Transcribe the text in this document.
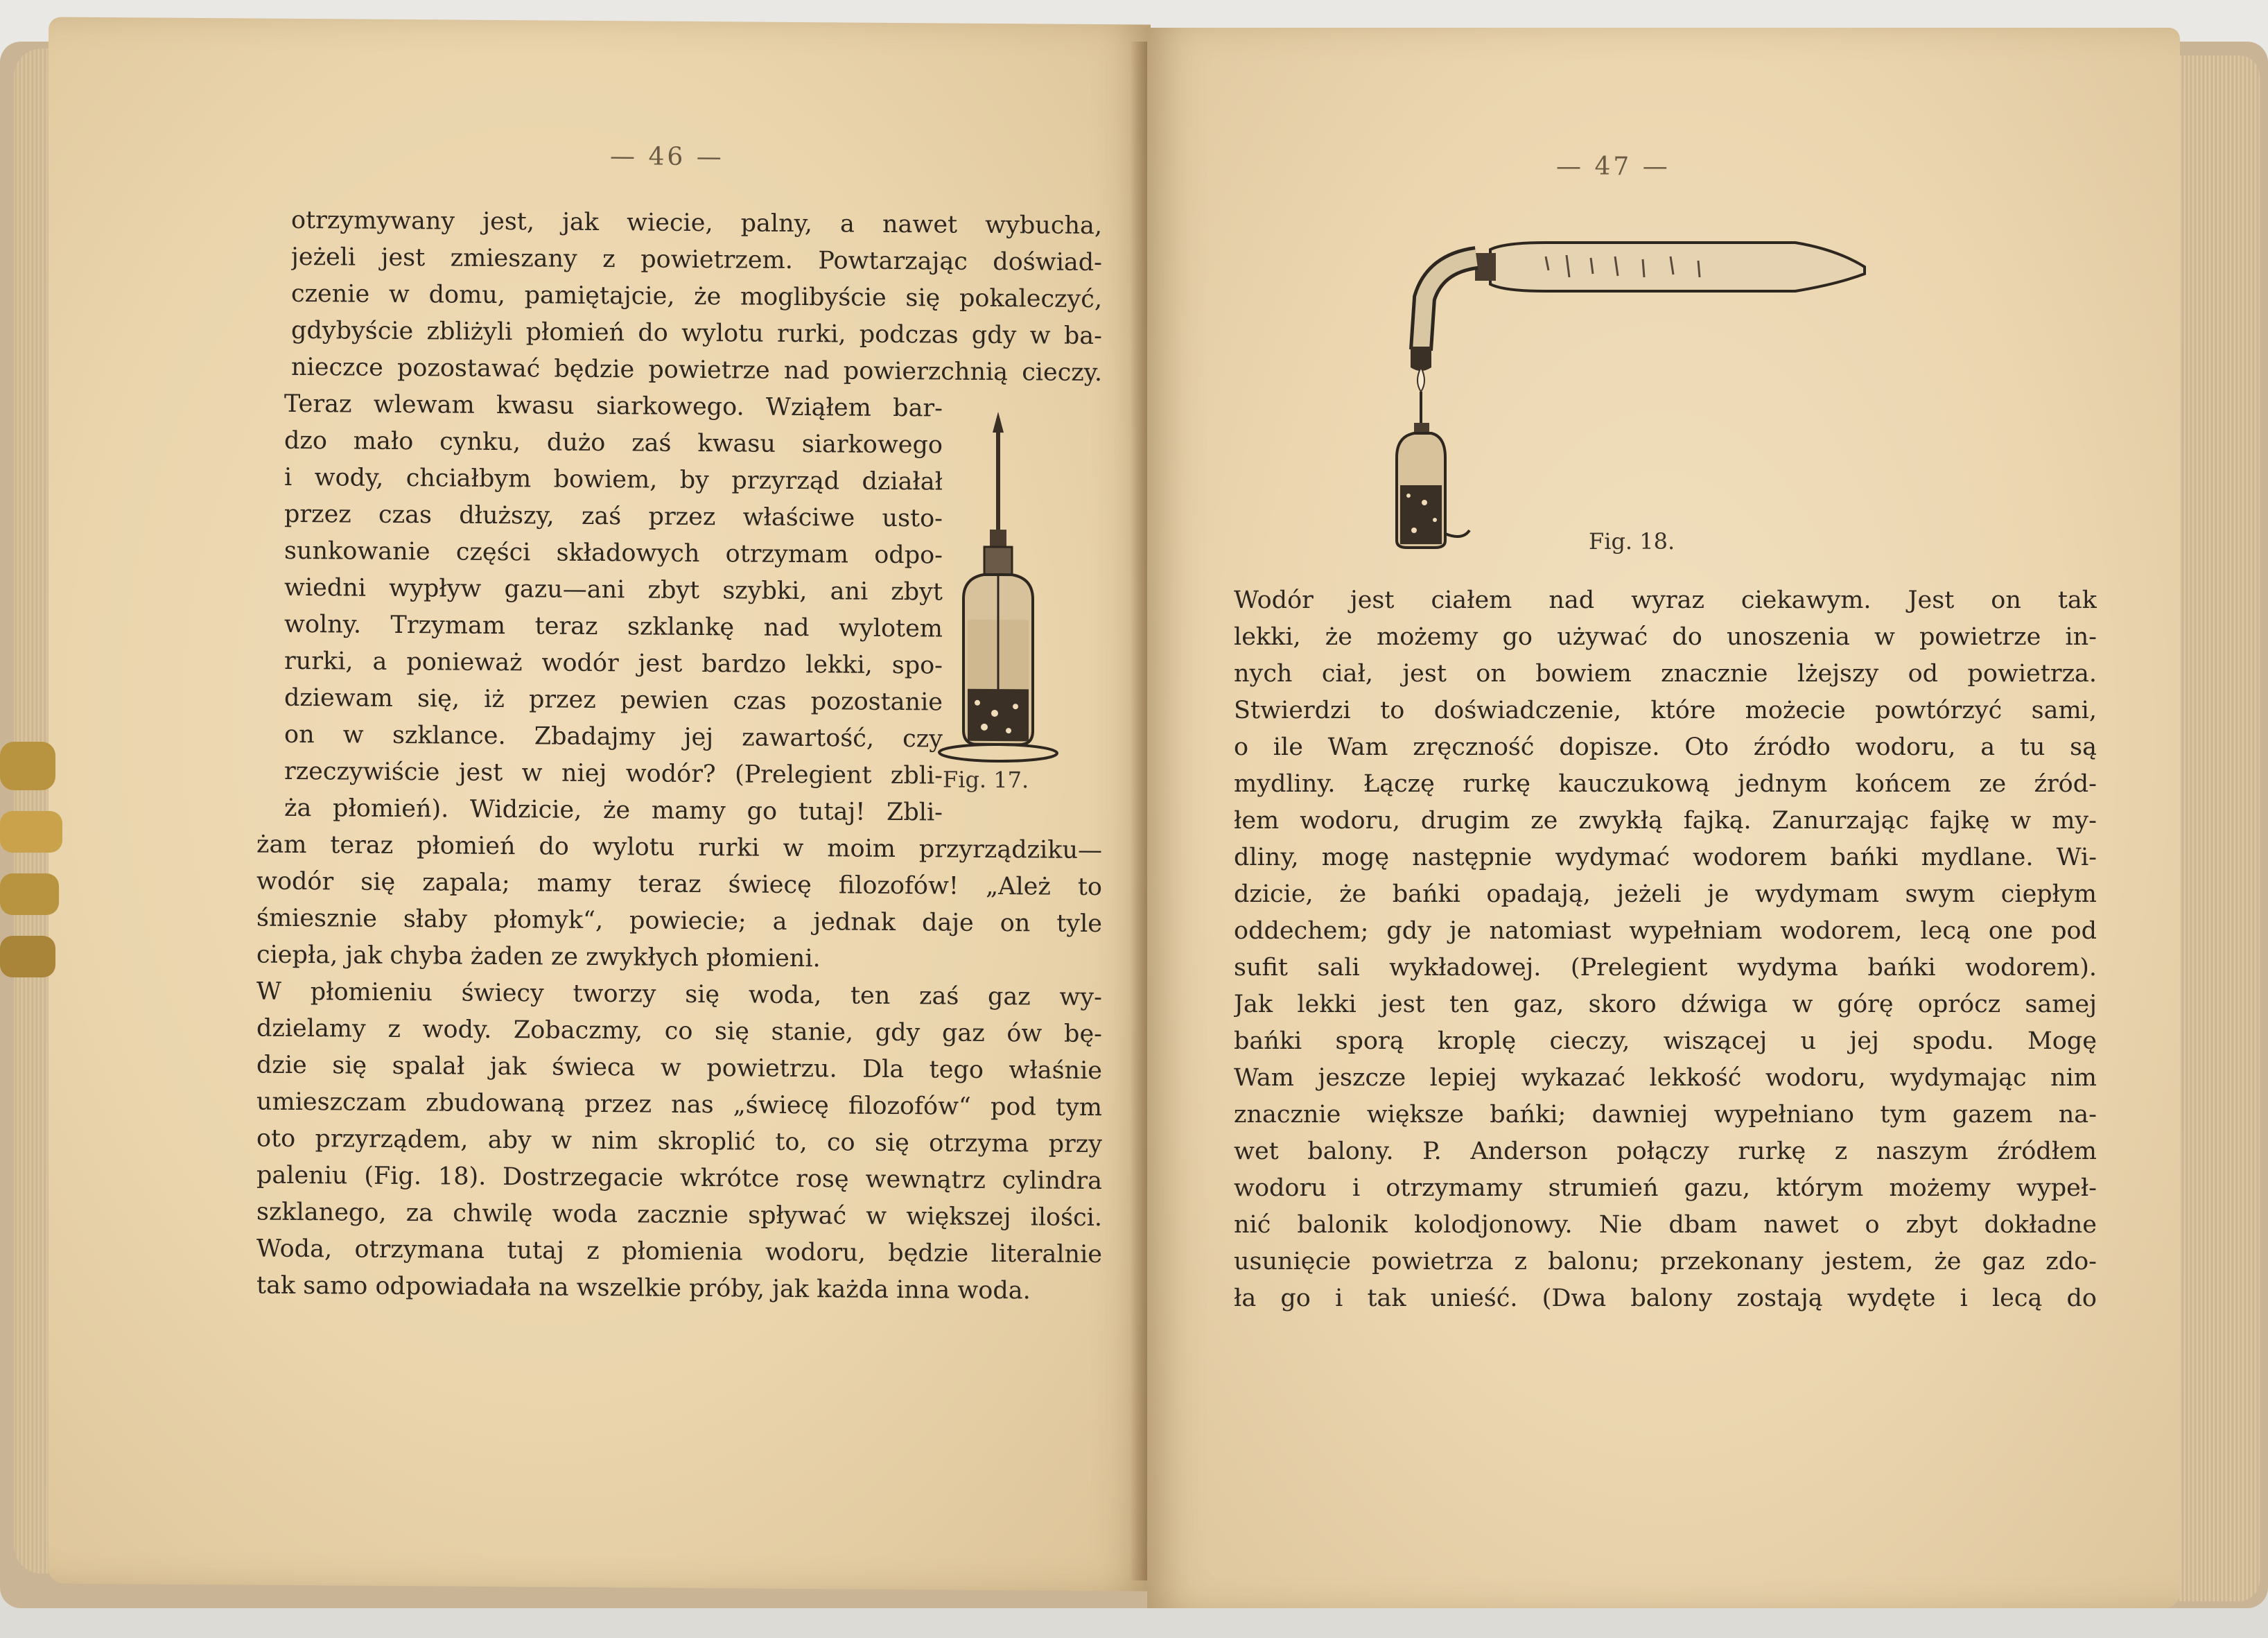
— 46 —
otrzymywany jest, jak wiecie, palny, a nawet wybucha,
jeżeli jest zmieszany z powietrzem. Powtarzając doświad-
czenie w domu, pamiętajcie, że moglibyście się pokaleczyć,
gdybyście zbliżyli płomień do wylotu rurki, podczas gdy w ba-
nieczce pozostawać będzie powietrze nad powierzchnią cieczy.
Teraz wlewam kwasu siarkowego. Wziąłem bar-
dzo mało cynku, dużo zaś kwasu siarkowego
i wody, chciałbym bowiem, by przyrząd działał
przez czas dłuższy, zaś przez właściwe usto-
sunkowanie części składowych otrzymam odpo-
wiedni wypływ gazu—ani zbyt szybki, ani zbyt
wolny. Trzymam teraz szklankę nad wylotem
rurki, a ponieważ wodór jest bardzo lekki, spo-
dziewam się, iż przez pewien czas pozostanie
on w szklance. Zbadajmy jej zawartość, czy
rzeczywiście jest w niej wodór? (Prelegient zbli-
ża płomień). Widzicie, że mamy go tutaj! Zbli-
żam teraz płomień do wylotu rurki w moim przyrządziku—
wodór się zapala; mamy teraz świecę filozofów! „Ależ to
śmiesznie słaby płomyk“, powiecie; a jednak daje on tyle
ciepła, jak chyba żaden ze zwykłych płomieni.
W płomieniu świecy tworzy się woda, ten zaś gaz wy-
dzielamy z wody. Zobaczmy, co się stanie, gdy gaz ów bę-
dzie się spalał jak świeca w powietrzu. Dla tego właśnie
umieszczam zbudowaną przez nas „świecę filozofów“ pod tym
oto przyrządem, aby w nim skroplić to, co się otrzyma przy
paleniu (Fig. 18). Dostrzegacie wkrótce rosę wewnątrz cylindra
szklanego, za chwilę woda zacznie spływać w większej ilości.
Woda, otrzymana tutaj z płomienia wodoru, będzie literalnie
tak samo odpowiadała na wszelkie próby, jak każda inna woda.
Fig. 17.
— 47 —
Fig. 18.
Wodór jest ciałem nad wyraz ciekawym. Jest on tak
lekki, że możemy go używać do unoszenia w powietrze in-
nych ciał, jest on bowiem znacznie lżejszy od powietrza.
Stwierdzi to doświadczenie, które możecie powtórzyć sami,
o ile Wam zręczność dopisze. Oto źródło wodoru, a tu są
mydliny. Łączę rurkę kauczukową jednym końcem ze źród-
łem wodoru, drugim ze zwykłą fajką. Zanurzając fajkę w my-
dliny, mogę następnie wydymać wodorem bańki mydlane. Wi-
dzicie, że bańki opadają, jeżeli je wydymam swym ciepłym
oddechem; gdy je natomiast wypełniam wodorem, lecą one pod
sufit sali wykładowej. (Prelegient wydyma bańki wodorem).
Jak lekki jest ten gaz, skoro dźwiga w górę oprócz samej
bańki sporą kroplę cieczy, wiszącej u jej spodu. Mogę
Wam jeszcze lepiej wykazać lekkość wodoru, wydymając nim
znacznie większe bańki; dawniej wypełniano tym gazem na-
wet balony. P. Anderson połączy rurkę z naszym źródłem
wodoru i otrzymamy strumień gazu, którym możemy wypeł-
nić balonik kolodjonowy. Nie dbam nawet o zbyt dokładne
usunięcie powietrza z balonu; przekonany jestem, że gaz zdo-
ła go i tak unieść. (Dwa balony zostają wydęte i lecą do
